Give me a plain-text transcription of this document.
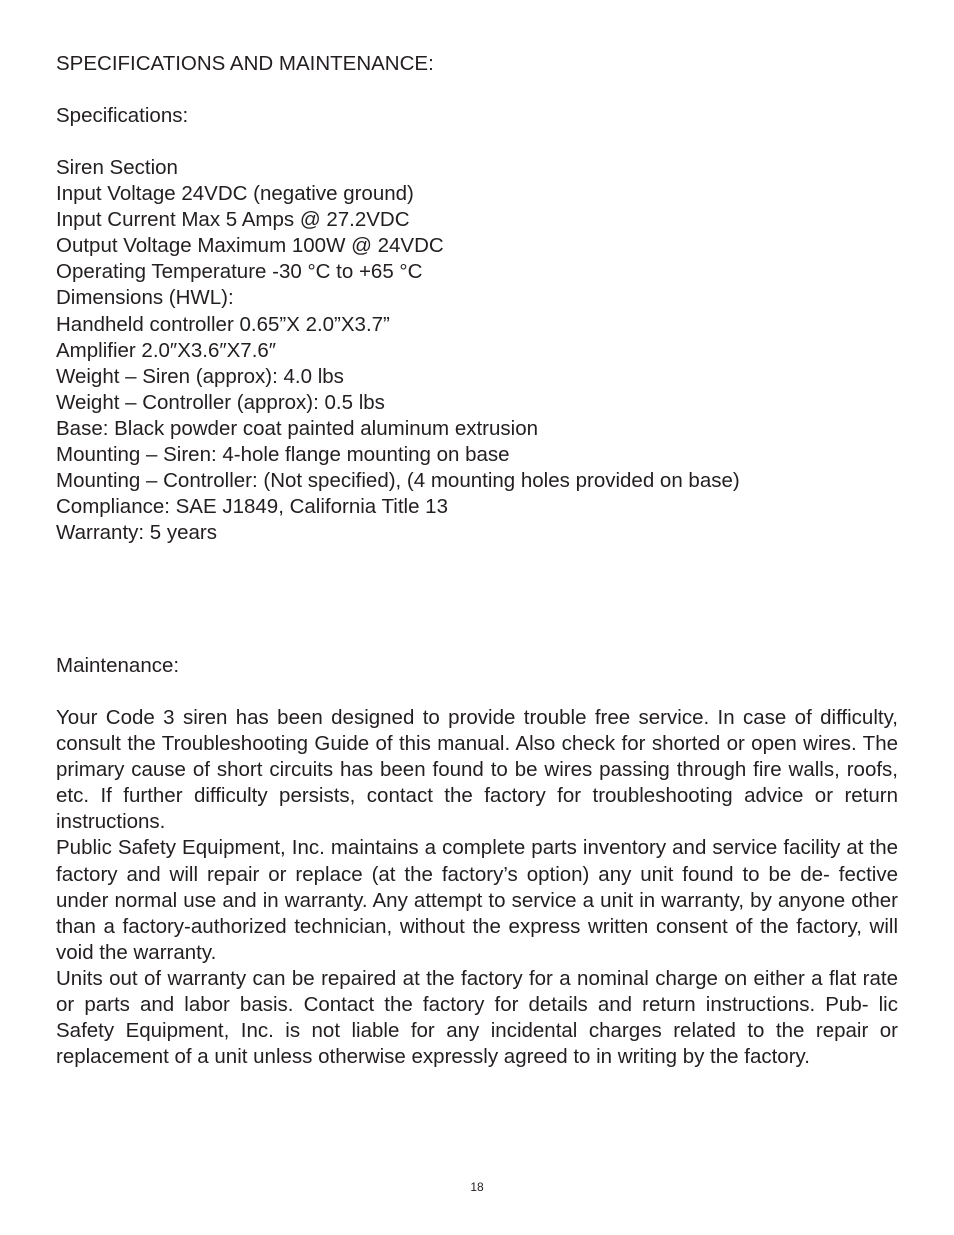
SPECIFICATIONS AND MAINTENANCE:
Specifications:
Siren Section
Input Voltage 24VDC (negative ground)
Input Current Max 5 Amps @ 27.2VDC
Output Voltage Maximum 100W @ 24VDC
Operating Temperature -30 °C to +65 °C
Dimensions (HWL):
Handheld controller 0.65”X 2.0”X3.7”
Amplifier 2.0″X3.6″X7.6″
Weight – Siren (approx): 4.0 lbs
Weight – Controller (approx): 0.5 lbs
Base: Black powder coat painted aluminum extrusion
Mounting – Siren: 4-hole flange mounting on base
Mounting – Controller: (Not specified), (4 mounting holes provided on base)
Compliance: SAE J1849, California Title 13
Warranty: 5 years
Maintenance:

Your Code 3 siren has been designed to provide trouble free service. In case of difficulty, consult the Troubleshooting Guide of this manual. Also check for shorted or open wires. The primary cause of short circuits has been found to be wires passing through fire walls, roofs, etc. If further difficulty persists, contact the factory for troubleshooting advice or return instructions.

Public Safety Equipment, Inc. maintains a complete parts inventory and service facility at the factory and will repair or replace (at the factory’s option) any unit found to be de- fective under normal use and in warranty. Any attempt to service a unit in warranty, by anyone other than a factory-authorized technician, without the express written consent of the factory, will void the warranty.

Units out of warranty can be repaired at the factory for a nominal charge on either a flat rate or parts and labor basis. Contact the factory for details and return instructions. Pub- lic Safety Equipment, Inc. is not liable for any incidental charges related to the repair or replacement of a unit unless otherwise expressly agreed to in writing by the factory.

18
